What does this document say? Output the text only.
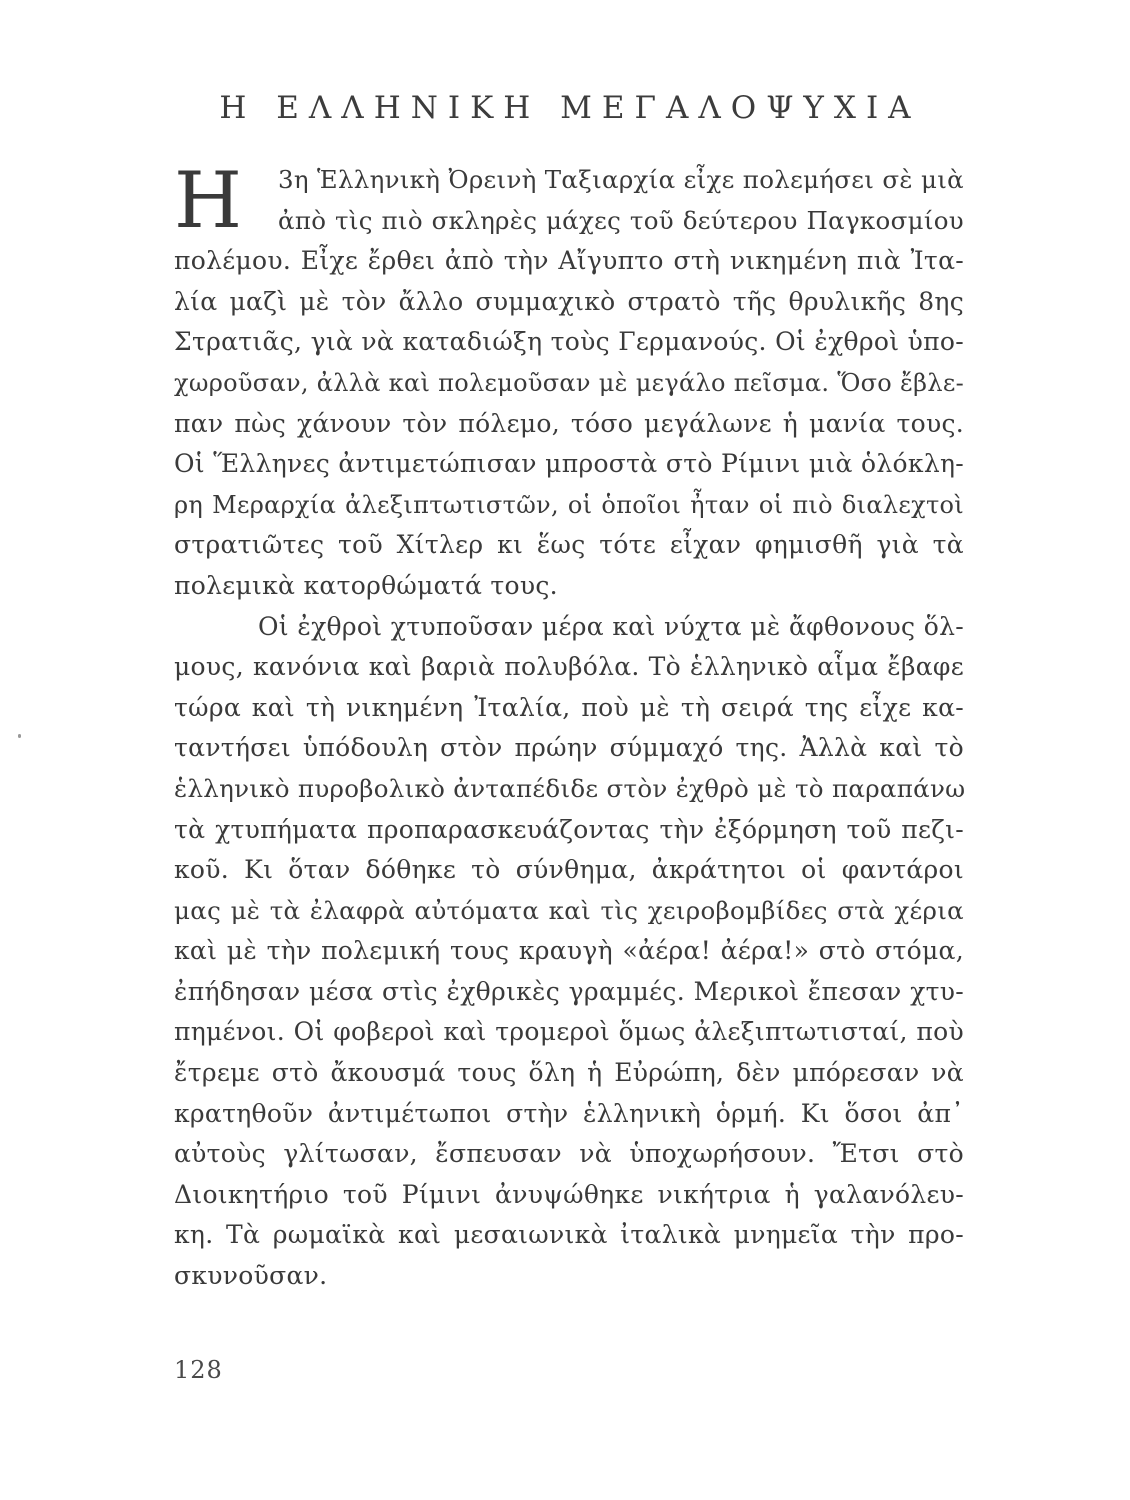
Η ΕΛΛΗΝΙΚΗ ΜΕΓΑΛΟΨΥΧΙΑ
Η	3η Ἑλληνικὴ Ὀρεινὴ Ταξιαρχία εἶχε πολεμήσει σὲ μιὰ
ἀπὸ τὶς πιὸ σκληρὲς μάχες τοῦ δεύτερου Παγκοσμίου
πολέμου. Εἶχε ἔρθει ἀπὸ τὴν Αἴγυπτο στὴ νικημένη πιὰ Ἰτα-
λία μαζὶ μὲ τὸν ἄλλο συμμαχικὸ στρατὸ τῆς θρυλικῆς 8ης
Στρατιᾶς, γιὰ νὰ καταδιώξη τοὺς Γερμανούς. Οἱ ἐχθροὶ ὑπο-
χωροῦσαν, ἀλλὰ καὶ πολεμοῦσαν μὲ μεγάλο πεῖσμα. Ὅσο ἔβλε-
παν πὼς χάνουν τὸν πόλεμο, τόσο μεγάλωνε ἡ μανία τους.
Οἱ Ἕλληνες ἀντιμετώπισαν μπροστὰ στὸ Ρίμινι μιὰ ὁλόκλη-
ρη Μεραρχία ἀλεξιπτωτιστῶν, οἱ ὁποῖοι ἦταν οἱ πιὸ διαλεχτοὶ
στρατιῶτες τοῦ Χίτλερ κι ἕως τότε εἶχαν φημισθῆ γιὰ τὰ
πολεμικὰ κατορθώματά τους.
Οἱ ἐχθροὶ χτυποῦσαν μέρα καὶ νύχτα μὲ ἄφθονους ὅλ-
μους, κανόνια καὶ βαριὰ πολυβόλα. Τὸ ἑλληνικὸ αἷμα ἔβαφε
τώρα καὶ τὴ νικημένη Ἰταλία, ποὺ μὲ τὴ σειρά της εἶχε κα-
ταντήσει ὑπόδουλη στὸν πρώην σύμμαχό της. Ἀλλὰ καὶ τὸ
ἑλληνικὸ πυροβολικὸ ἀνταπέδιδε στὸν ἐχθρὸ μὲ τὸ παραπάνω
τὰ χτυπήματα προπαρασκευάζοντας τὴν ἐξόρμηση τοῦ πεζι-
κοῦ. Κι ὅταν δόθηκε τὸ σύνθημα, ἀκράτητοι οἱ φαντάροι
μας μὲ τὰ ἐλαφρὰ αὐτόματα καὶ τὶς χειροβομβίδες στὰ χέρια
καὶ μὲ τὴν πολεμική τους κραυγὴ «ἀέρα! ἀέρα!» στὸ στόμα,
ἐπήδησαν μέσα στὶς ἐχθρικὲς γραμμές. Μερικοὶ ἔπεσαν χτυ-
πημένοι. Οἱ φοβεροὶ καὶ τρομεροὶ ὅμως ἀλεξιπτωτισταί, ποὺ
ἔτρεμε στὸ ἄκουσμά τους ὅλη ἡ Εὐρώπη, δὲν μπόρεσαν νὰ
κρατηθοῦν ἀντιμέτωποι στὴν ἑλληνικὴ ὁρμή. Κι ὅσοι ἀπ᾿
αὐτοὺς γλίτωσαν, ἔσπευσαν νὰ ὑποχωρήσουν. Ἔτσι στὸ
Διοικητήριο τοῦ Ρίμινι ἀνυψώθηκε νικήτρια ἡ γαλανόλευ-
κη. Τὰ ρωμαϊκὰ καὶ μεσαιωνικὰ ἰταλικὰ μνημεῖα τὴν προ-
σκυνοῦσαν.
128
